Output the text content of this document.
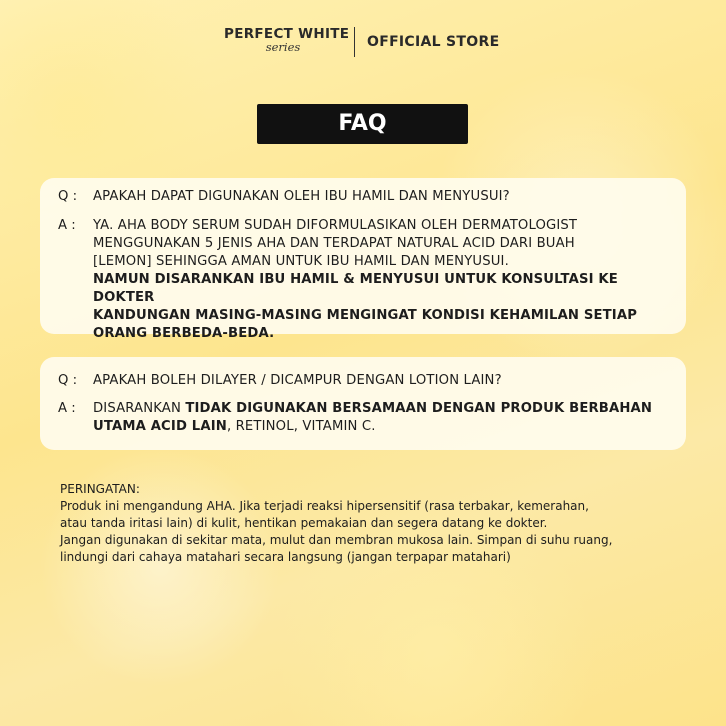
PERFECT WHITE
series	OFFICIAL STORE
FAQ
Q :	APAKAH DAPAT DIGUNAKAN OLEH IBU HAMIL DAN MENYUSUI?
A :	YA. AHA BODY SERUM SUDAH DIFORMULASIKAN OLEH DERMATOLOGIST
MENGGUNAKAN 5 JENIS AHA DAN TERDAPAT NATURAL ACID DARI BUAH
[LEMON] SEHINGGA AMAN UNTUK IBU HAMIL DAN MENYUSUI.
NAMUN DISARANKAN IBU HAMIL & MENYUSUI UNTUK KONSULTASI KE DOKTER
KANDUNGAN MASING-MASING MENGINGAT KONDISI KEHAMILAN SETIAP
ORANG BERBEDA-BEDA.
Q :	APAKAH BOLEH DILAYER / DICAMPUR DENGAN LOTION LAIN?
A :	DISARANKAN TIDAK DIGUNAKAN BERSAMAAN DENGAN PRODUK BERBAHAN
UTAMA ACID LAIN, RETINOL, VITAMIN C.
PERINGATAN:
Produk ini mengandung AHA. Jika terjadi reaksi hipersensitif (rasa terbakar, kemerahan,
atau tanda iritasi lain) di kulit, hentikan pemakaian dan segera datang ke dokter.
Jangan digunakan di sekitar mata, mulut dan membran mukosa lain. Simpan di suhu ruang,
lindungi dari cahaya matahari secara langsung (jangan terpapar matahari)
